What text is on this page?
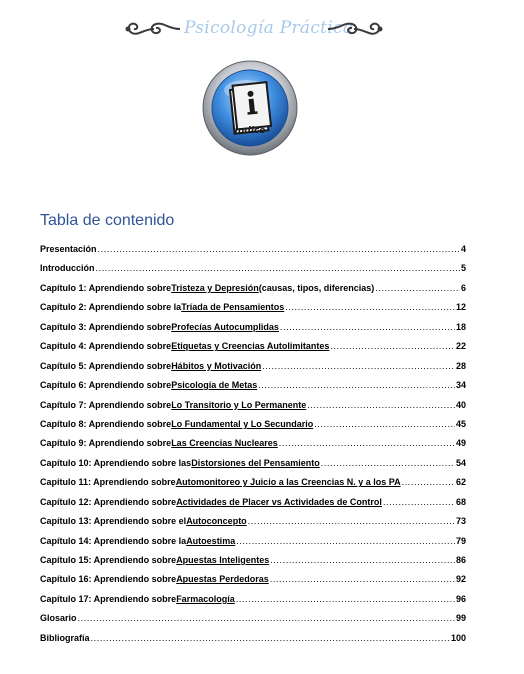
Psicología Práctica
Índice
Tabla de contenido
Presentación .....	4
Introducción .....	5
Capítulo 1: Aprendiendo sobre Tristeza y Depresión (causas, tipos, diferencias) .....	6
Capítulo 2: Aprendiendo sobre la Tríada de Pensamientos .....	12
Capítulo 3: Aprendiendo sobre Profecías Autocumplidas .....	18
Capítulo 4: Aprendiendo sobre Etiquetas y Creencias Autolimitantes .....	22
Capítulo 5: Aprendiendo sobre Hábitos y Motivación .....	28
Capítulo 6: Aprendiendo sobre Psicología de Metas .....	34
Capítulo 7: Aprendiendo sobre Lo Transitorio y Lo Permanente .....	40
Capítulo 8: Aprendiendo sobre Lo Fundamental y Lo Secundario .....	45
Capítulo 9: Aprendiendo sobre Las Creencias Nucleares .....	49
Capítulo 10: Aprendiendo sobre las Distorsiones del Pensamiento .....	54
Capítulo 11: Aprendiendo sobre Automonitoreo y Juicio a las Creencias N. y a los PA .....	62
Capítulo 12: Aprendiendo sobre Actividades de Placer vs Actividades de Control .....	68
Capítulo 13: Aprendiendo sobre el Autoconcepto .....	73
Capítulo 14: Aprendiendo sobre la Autoestima .....	79
Capítulo 15: Aprendiendo sobre Apuestas Inteligentes .....	86
Capítulo 16: Aprendiendo sobre Apuestas Perdedoras .....	92
Capítulo 17: Aprendiendo sobre Farmacología .....	96
Glosario .....	99
Bibliografía .....	100
